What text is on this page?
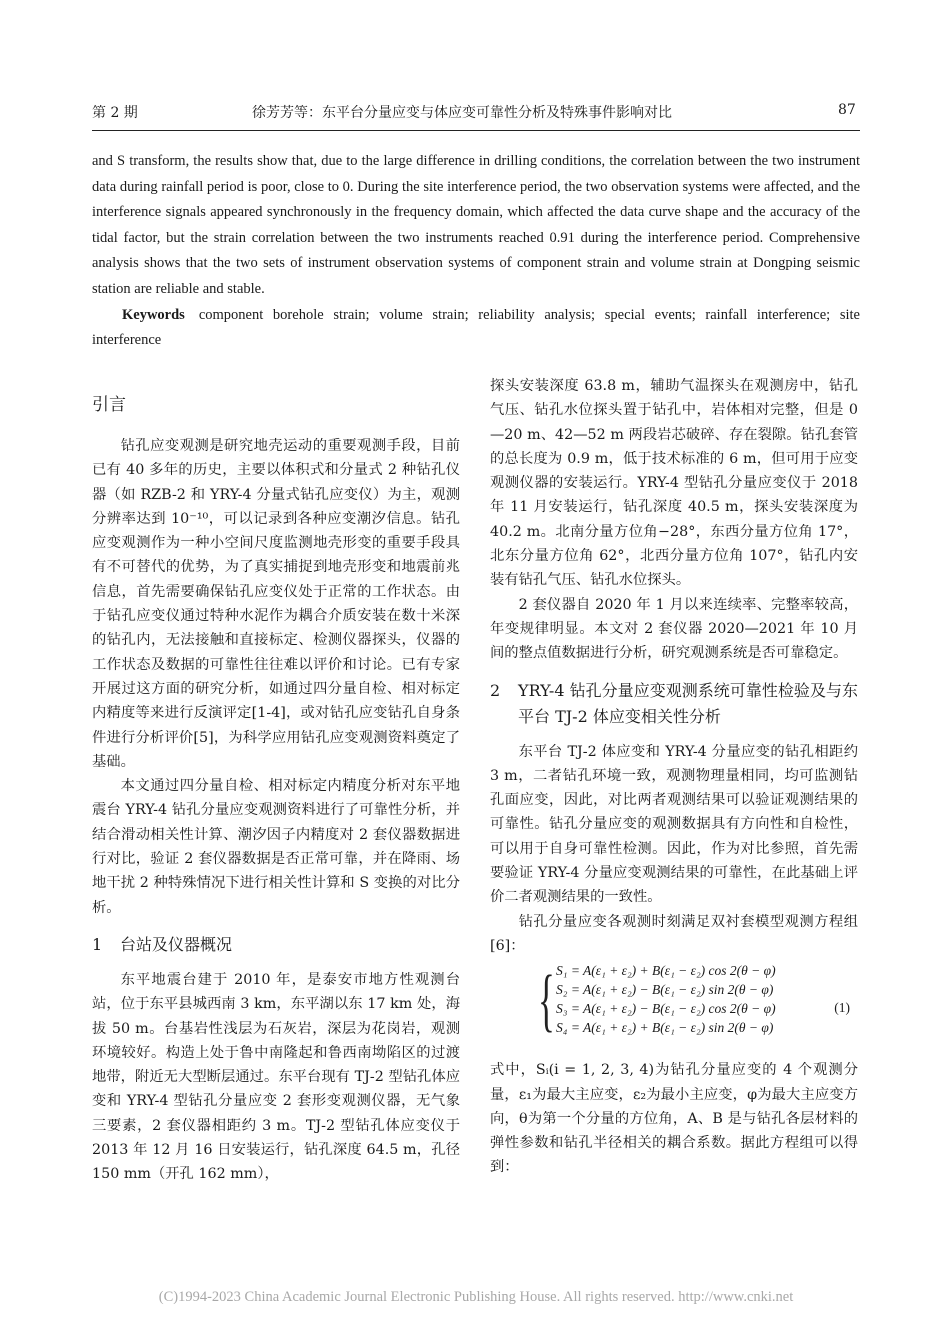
第 2 期	徐芳芳等：东平台分量应变与体应变可靠性分析及特殊事件影响对比	87

and S transform, the results show that, due to the large difference in drilling conditions, the correlation between the two instrument data during rainfall period is poor, close to 0. During the site interference period, the two observation systems were affected, and the interference signals appeared synchronously in the frequency domain, which affected the data curve shape and the accuracy of the tidal factor, but the strain correlation between the two instruments reached 0.91 during the interference period. Comprehensive analysis shows that the two sets of instrument observation systems of component strain and volume strain at Dongping seismic station are reliable and stable.

Keywords component borehole strain; volume strain; reliability analysis; special events; rainfall interference; site interference

引言

钻孔应变观测是研究地壳运动的重要观测手段，目前已有 40 多年的历史，主要以体积式和分量式 2 种钻孔仪器（如 RZB-2 和 YRY-4 分量式钻孔应变仪）为主，观测分辨率达到 10⁻¹⁰，可以记录到各种应变潮汐信息。钻孔应变观测作为一种小空间尺度监测地壳形变的重要手段具有不可替代的优势，为了真实捕捉到地壳形变和地震前兆信息，首先需要确保钻孔应变仪处于正常的工作状态。由于钻孔应变仪通过特种水泥作为耦合介质安装在数十米深的钻孔内，无法接触和直接标定、检测仪器探头，仪器的工作状态及数据的可靠性往往难以评价和讨论。已有专家开展过这方面的研究分析，如通过四分量自检、相对标定内精度等来进行反演评定[1-4]，或对钻孔应变钻孔自身条件进行分析评价[5]，为科学应用钻孔应变观测资料奠定了基础。

本文通过四分量自检、相对标定内精度分析对东平地震台 YRY-4 钻孔分量应变观测资料进行了可靠性分析，并结合滑动相关性计算、潮汐因子内精度对 2 套仪器数据进行对比，验证 2 套仪器数据是否正常可靠，并在降雨、场地干扰 2 种特殊情况下进行相关性计算和 S 变换的对比分析。

1	台站及仪器概况

东平地震台建于 2010 年，是泰安市地方性观测台站，位于东平县城西南 3 km，东平湖以东 17 km 处，海拔 50 m。台基岩性浅层为石灰岩，深层为花岗岩，观测环境较好。构造上处于鲁中南隆起和鲁西南坳陷区的过渡地带，附近无大型断层通过。东平台现有 TJ-2 型钻孔体应变和 YRY-4 型钻孔分量应变 2 套形变观测仪器，无气象三要素，2 套仪器相距约 3 m。TJ-2 型钻孔体应变仪于 2013 年 12 月 16 日安装运行，钻孔深度 64.5 m，孔径 150 mm（开孔 162 mm），

探头安装深度 63.8 m，辅助气温探头在观测房中，钻孔气压、钻孔水位探头置于钻孔中，岩体相对完整，但是 0—20 m、42—52 m 两段岩芯破碎、存在裂隙。钻孔套管的总长度为 0.9 m，低于技术标准的 6 m，但可用于应变观测仪器的安装运行。YRY-4 型钻孔分量应变仪于 2018 年 11 月安装运行，钻孔深度 40.5 m，探头安装深度为 40.2 m。北南分量方位角−28°，东西分量方位角 17°，北东分量方位角 62°，北西分量方位角 107°，钻孔内安装有钻孔气压、钻孔水位探头。

2 套仪器自 2020 年 1 月以来连续率、完整率较高，年变规律明显。本文对 2 套仪器 2020—2021 年 10 月间的整点值数据进行分析，研究观测系统是否可靠稳定。

2	YRY-4 钻孔分量应变观测系统可靠性检验及与东平台 TJ-2 体应变相关性分析

东平台 TJ-2 体应变和 YRY-4 分量应变的钻孔相距约 3 m，二者钻孔环境一致，观测物理量相同，均可监测钻孔面应变，因此，对比两者观测结果可以验证观测结果的可靠性。钻孔分量应变的观测数据具有方向性和自检性，可以用于自身可靠性检测。因此，作为对比参照，首先需要验证 YRY-4 分量应变观测结果的可靠性，在此基础上评价二者观测结果的一致性。

钻孔分量应变各观测时刻满足双衬套模型观测方程组[6]：

{ S₁ = A(ε₁ + ε₂) + B(ε₁ − ε₂) cos 2(θ − φ)
S₂ = A(ε₁ + ε₂) − B(ε₁ − ε₂) sin 2(θ − φ)
S₃ = A(ε₁ + ε₂) − B(ε₁ − ε₂) cos 2(θ − φ)
S₄ = A(ε₁ + ε₂) + B(ε₁ − ε₂) sin 2(θ − φ)
(1)

式中，Sᵢ(i = 1, 2, 3, 4)为钻孔分量应变的 4 个观测分量，ε₁为最大主应变，ε₂为最小主应变，φ为最大主应变方向，θ为第一个分量的方位角，A、B 是与钻孔各层材料的弹性参数和钻孔半径相关的耦合系数。据此方程组可以得到：

(C)1994-2023 China Academic Journal Electronic Publishing House. All rights reserved. http://www.cnki.net
